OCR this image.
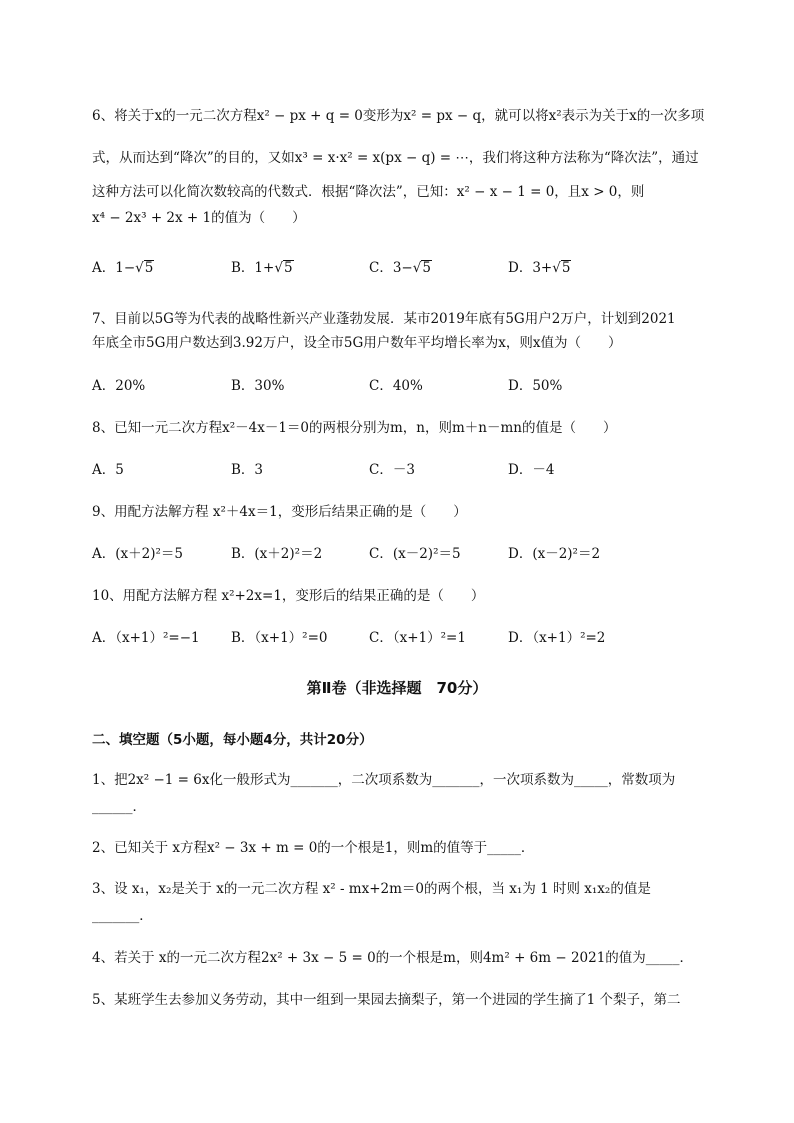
6、将关于x的一元二次方程x² − px + q = 0变形为x² = px − q，就可以将x²表示为关于x的一次多项
式，从而达到“降次”的目的，又如x³ = x·x² = x(px − q) = ⋯，我们将这种方法称为“降次法”，通过
这种方法可以化简次数较高的代数式．根据“降次法”，已知：x² − x − 1 = 0，且x > 0，则
x⁴ − 2x³ + 2x + 1的值为（　　）
A．1−√5	B．1+√5	C．3−√5	D．3+√5
7、目前以5G等为代表的战略性新兴产业蓬勃发展．某市2019年底有5G用户2万户，计划到2021
年底全市5G用户数达到3.92万户，设全市5G用户数年平均增长率为x，则x值为（　　）
A．20%	B．30%	C．40%	D．50%
8、已知一元二次方程x²－4x－1＝0的两根分别为m，n，则m＋n－mn的值是（　　）
A．5	B．3	C．－3	D．－4
9、用配方法解方程 x²＋4x＝1，变形后结果正确的是（　　）
A．(x＋2)²＝5	B．(x＋2)²＝2	C．(x－2)²＝5	D．(x－2)²＝2
10、用配方法解方程 x²+2x=1，变形后的结果正确的是（　　）
A．（x+1）²=−1 B．（x+1）²=0	C．（x+1）²=1	D．（x+1）²=2
第Ⅱ卷（非选择题　70分）
二、填空题（5小题，每小题4分，共计20分）
1、把2x² −1 = 6x化一般形式为_______，二次项系数为_______，一次项系数为_____，常数项为
______．
2、已知关于 x方程x² − 3x + m = 0的一个根是1，则m的值等于_____．
3、设 x₁，x₂是关于 x的一元二次方程 x² - mx+2m＝0的两个根，当 x₁为 1 时则 x₁x₂的值是
_______．
4、若关于 x的一元二次方程2x² + 3x − 5 = 0的一个根是m，则4m² + 6m − 2021的值为_____．
5、某班学生去参加义务劳动，其中一组到一果园去摘梨子，第一个进园的学生摘了1 个梨子，第二
